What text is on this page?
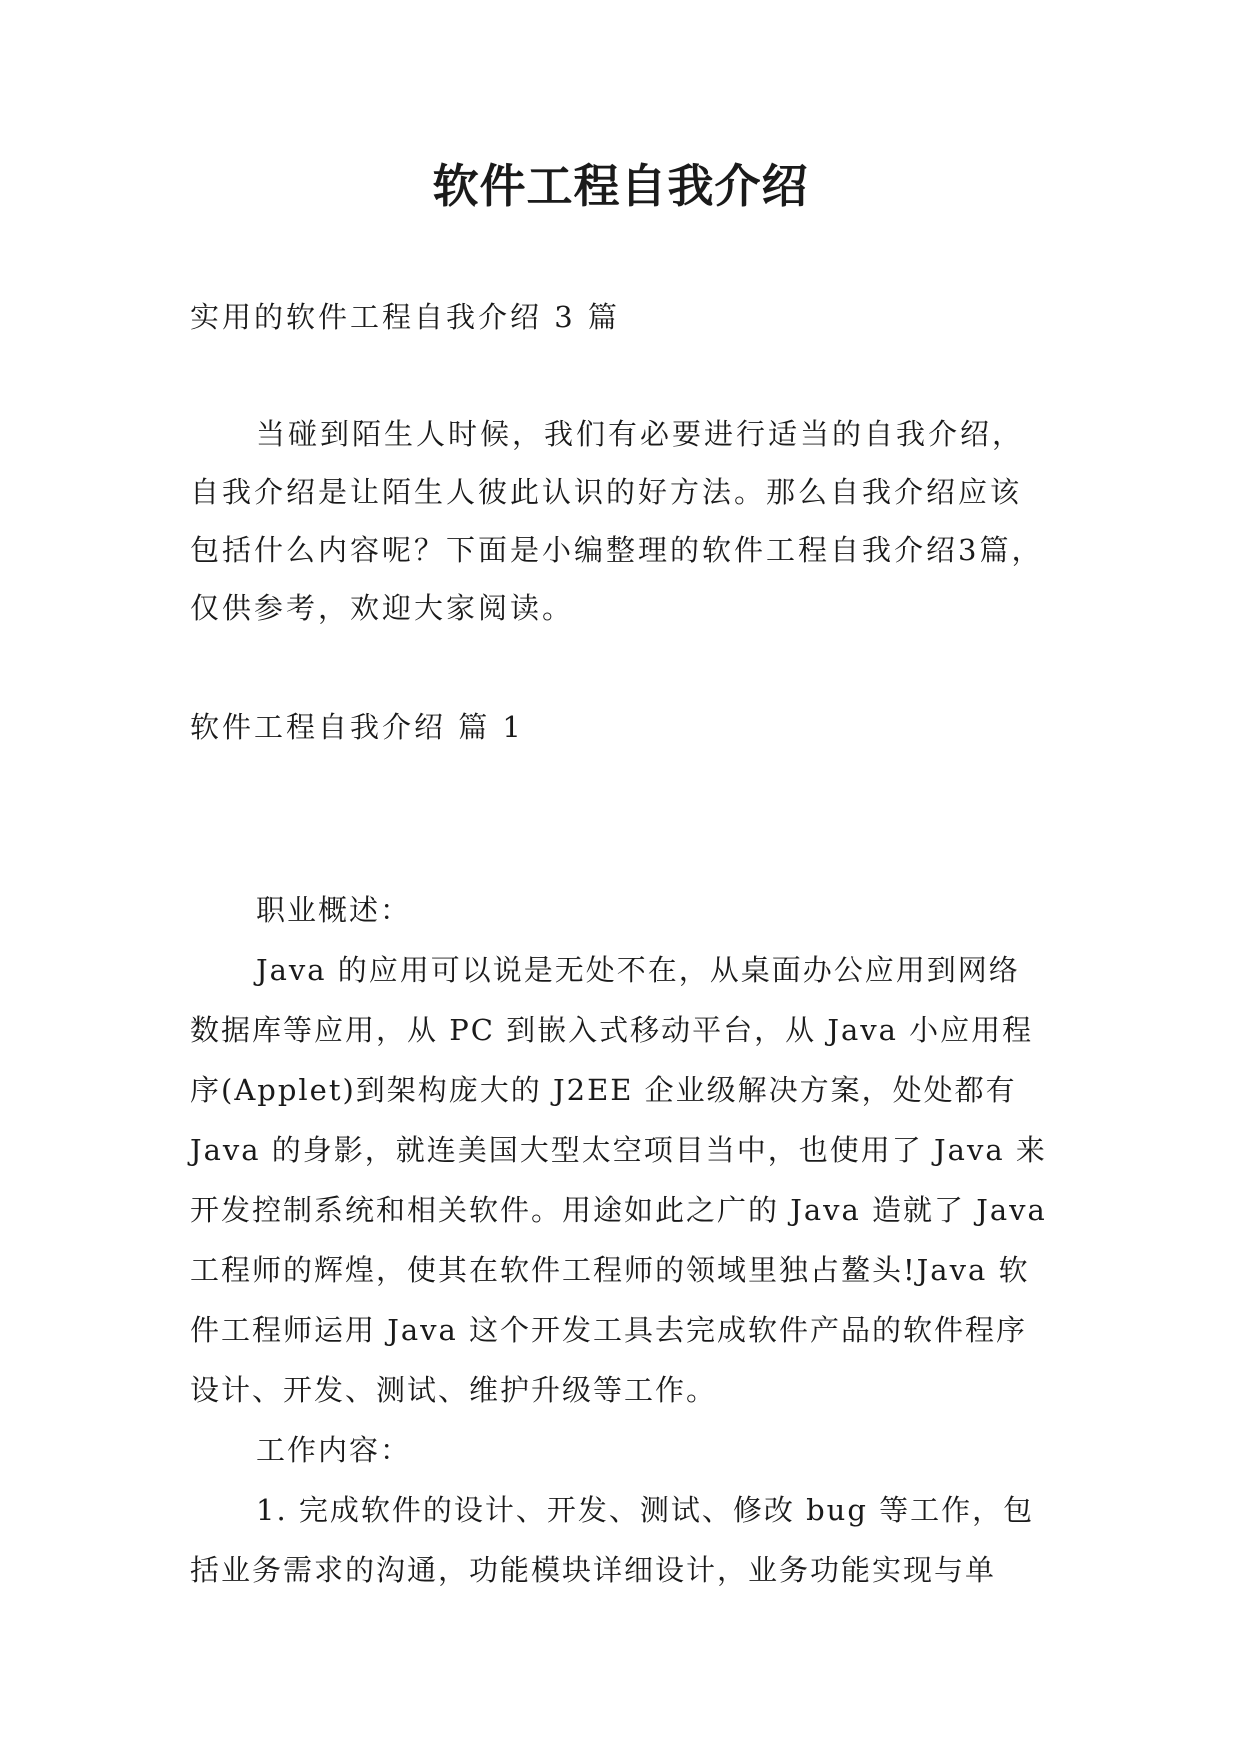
软件工程自我介绍

实用的软件工程自我介绍 3 篇

当碰到陌生人时候，我们有必要进行适当的自我介绍，自我介绍是让陌生人彼此认识的好方法。那么自我介绍应该包括什么内容呢？下面是小编整理的软件工程自我介绍3篇，仅供参考，欢迎大家阅读。

软件工程自我介绍 篇 1

职业概述：

Java 的应用可以说是无处不在，从桌面办公应用到网络数据库等应用，从 PC 到嵌入式移动平台，从 Java 小应用程序(Applet)到架构庞大的 J2EE 企业级解决方案，处处都有 Java 的身影，就连美国大型太空项目当中，也使用了 Java 来开发控制系统和相关软件。用途如此之广的 Java 造就了 Java 工程师的辉煌，使其在软件工程师的领域里独占鳌头!Java 软件工程师运用 Java 这个开发工具去完成软件产品的软件程序设计、开发、测试、维护升级等工作。

工作内容：

1. 完成软件的设计、开发、测试、修改 bug 等工作，包括业务需求的沟通，功能模块详细设计，业务功能实现与单
